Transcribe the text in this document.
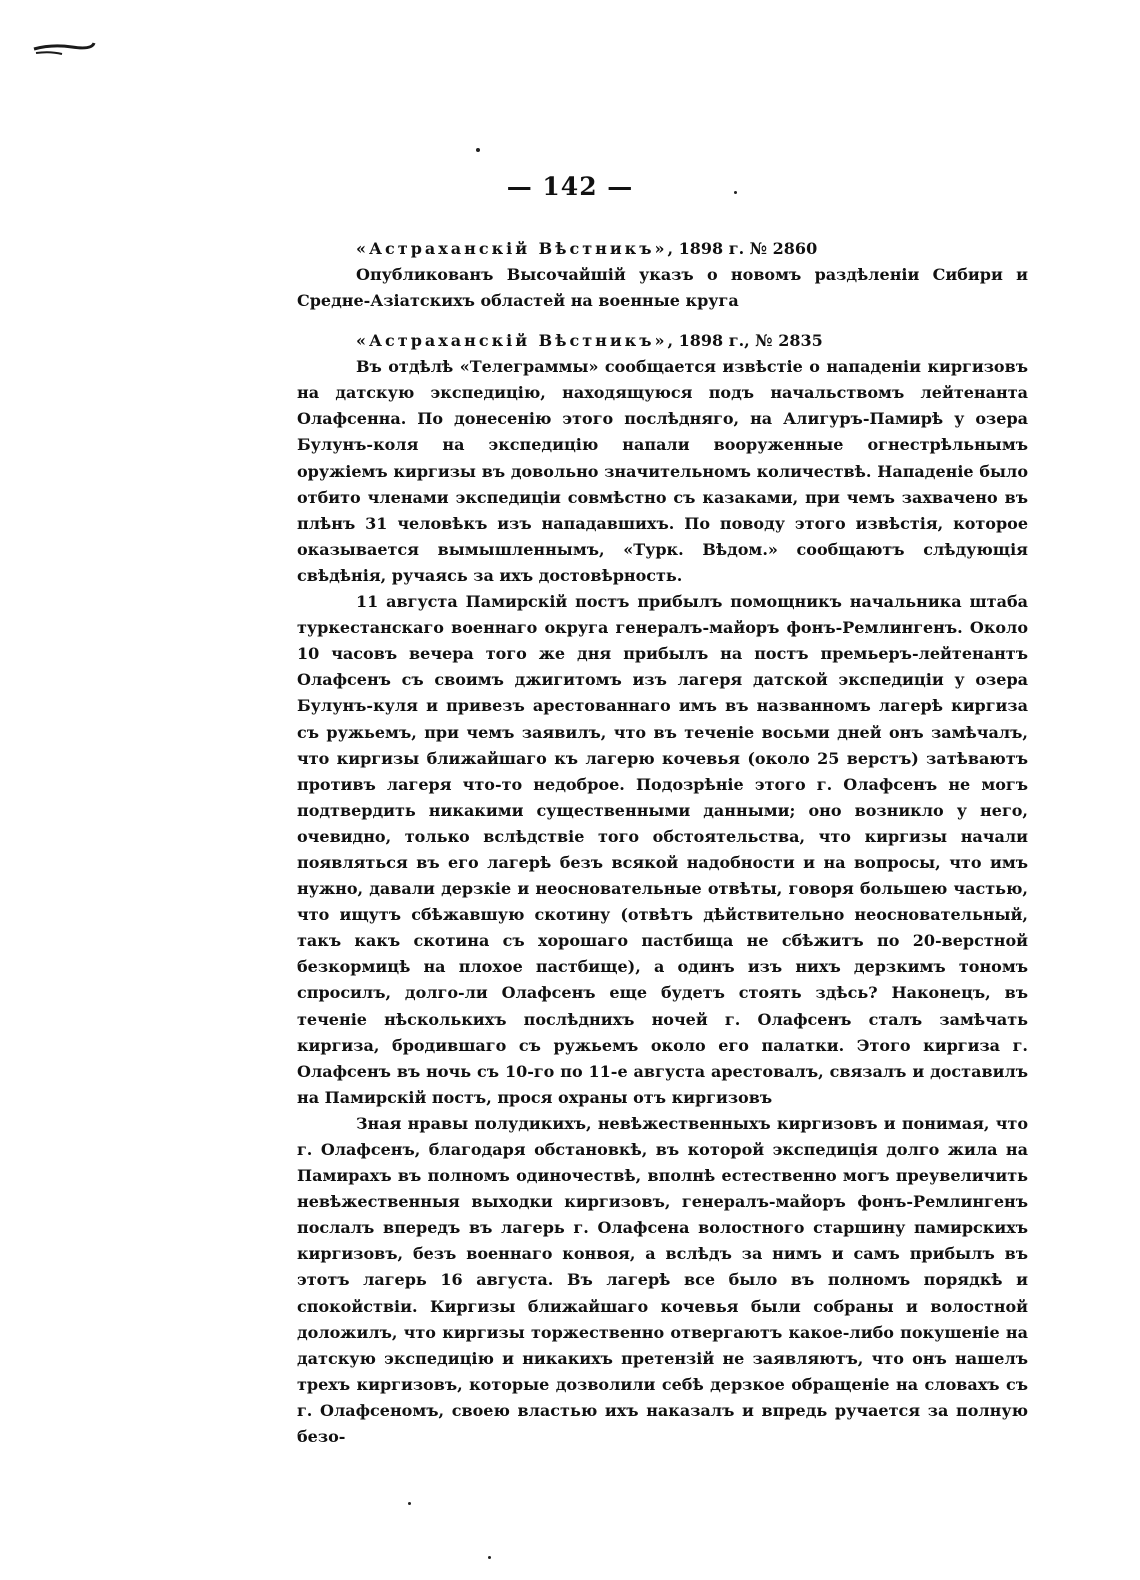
— 142 —

«Астраханскій Вѣстникъ», 1898 г. № 2860

Опубликованъ Высочайшій указъ о новомъ раздѣленіи Сибири и Средне-Азіатскихъ областей на военные круга

«Астраханскій Вѣстникъ», 1898 г., № 2835

Въ отдѣлѣ «Телеграммы» сообщается извѣстіе о нападеніи киргизовъ на датскую экспедицію, находящуюся подъ начальствомъ лейтенанта Олафсенна. По донесенію этого послѣдняго, на Алигуръ-Памирѣ у озера Булунъ-коля на экспедицію напали вооруженные огнестрѣльнымъ оружіемъ киргизы въ довольно значительномъ количествѣ. Нападеніе было отбито членами экспедиціи совмѣстно съ казаками, при чемъ захвачено въ плѣнъ 31 человѣкъ изъ нападавшихъ. По поводу этого извѣстія, которое оказывается вымышленнымъ, «Турк. Вѣдом.» сообщаютъ слѣдующія свѣдѣнія, ручаясь за ихъ достовѣрность.

11 августа Памирскій постъ прибылъ помощникъ начальника штаба туркестанскаго военнаго округа генералъ-майоръ фонъ-Ремлингенъ. Около 10 часовъ вечера того же дня прибылъ на постъ премьеръ-лейтенантъ Олафсенъ съ своимъ джигитомъ изъ лагеря датской экспедиціи у озера Булунъ-куля и привезъ арестованнаго имъ въ названномъ лагерѣ киргиза съ ружьемъ, при чемъ заявилъ, что въ теченіе восьми дней онъ замѣчалъ, что киргизы ближайшаго къ лагерю кочевья (около 25 верстъ) затѣваютъ противъ лагеря что-то недоброе. Подозрѣніе этого г. Олафсенъ не могъ подтвердить никакими существенными данными; оно возникло у него, очевидно, только вслѣдствіе того обстоятельства, что киргизы начали появляться въ его лагерѣ безъ всякой надобности и на вопросы, что имъ нужно, давали дерзкіе и неосновательные отвѣты, говоря большею частью, что ищутъ сбѣжавшую скотину (отвѣтъ дѣйствительно неосновательный, такъ какъ скотина съ хорошаго пастбища не сбѣжитъ по 20-верстной безкормицѣ на плохое пастбище), а одинъ изъ нихъ дерзкимъ тономъ спросилъ, долго-ли Олафсенъ еще будетъ стоять здѣсь? Наконецъ, въ теченіе нѣсколькихъ послѣднихъ ночей г. Олафсенъ сталъ замѣчать киргиза, бродившаго съ ружьемъ около его палатки. Этого киргиза г. Олафсенъ въ ночь съ 10-го по 11-е августа арестовалъ, связалъ и доставилъ на Памирскій постъ, прося охраны отъ киргизовъ

Зная нравы полудикихъ, невѣжественныхъ киргизовъ и понимая, что г. Олафсенъ, благодаря обстановкѣ, въ которой экспедиція долго жила на Памирахъ въ полномъ одиночествѣ, вполнѣ естественно могъ преувеличить невѣжественныя выходки киргизовъ, генералъ-майоръ фонъ-Ремлингенъ послалъ впередъ въ лагерь г. Олафсена волостного старшину памирскихъ киргизовъ, безъ военнаго конвоя, а вслѣдъ за нимъ и самъ прибылъ въ этотъ лагерь 16 августа. Въ лагерѣ все было въ полномъ порядкѣ и спокойствіи. Киргизы ближайшаго кочевья были собраны и волостной доложилъ, что киргизы торжественно отвергаютъ какое-либо покушеніе на датскую экспедицію и никакихъ претензій не заявляютъ, что онъ нашелъ трехъ киргизовъ, которые дозволили себѣ дерзкое обращеніе на словахъ съ г. Олафсеномъ, своею властью ихъ наказалъ и впредь ручается за полную безо-
